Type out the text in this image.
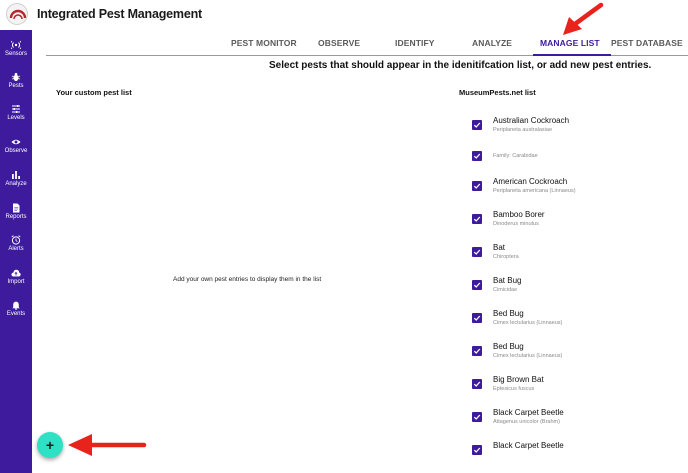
Integrated Pest Management
Sensors
Pests
Levels
Observe
Analyze
Reports
Alerts
Import
Events
PEST MONITOR	OBSERVE	IDENTIFY	ANALYZE	MANAGE LIST PEST DATABASE
Select pests that should appear in the idenitifcation list, or add new pest entries.
Your custom pest list
Add your own pest entries to display them in the list
MuseumPests.net list
Australian Cockroach
Periplaneta australasiae
Family: Carabidae
American Cockroach
Periplaneta americana (Linnaeus)
Bamboo Borer
Dinoderus minutus
Bat
Chiroptera
Bat Bug
Cimicidae
Bed Bug
Cimex lectularius (Linnaeus)
Bed Bug
Cimex lectularius (Linnaeus)
Big Brown Bat
Eptesicus fuscus
Black Carpet Beetle
Attagenus unicolor (Brahm)
Black Carpet Beetle
+
